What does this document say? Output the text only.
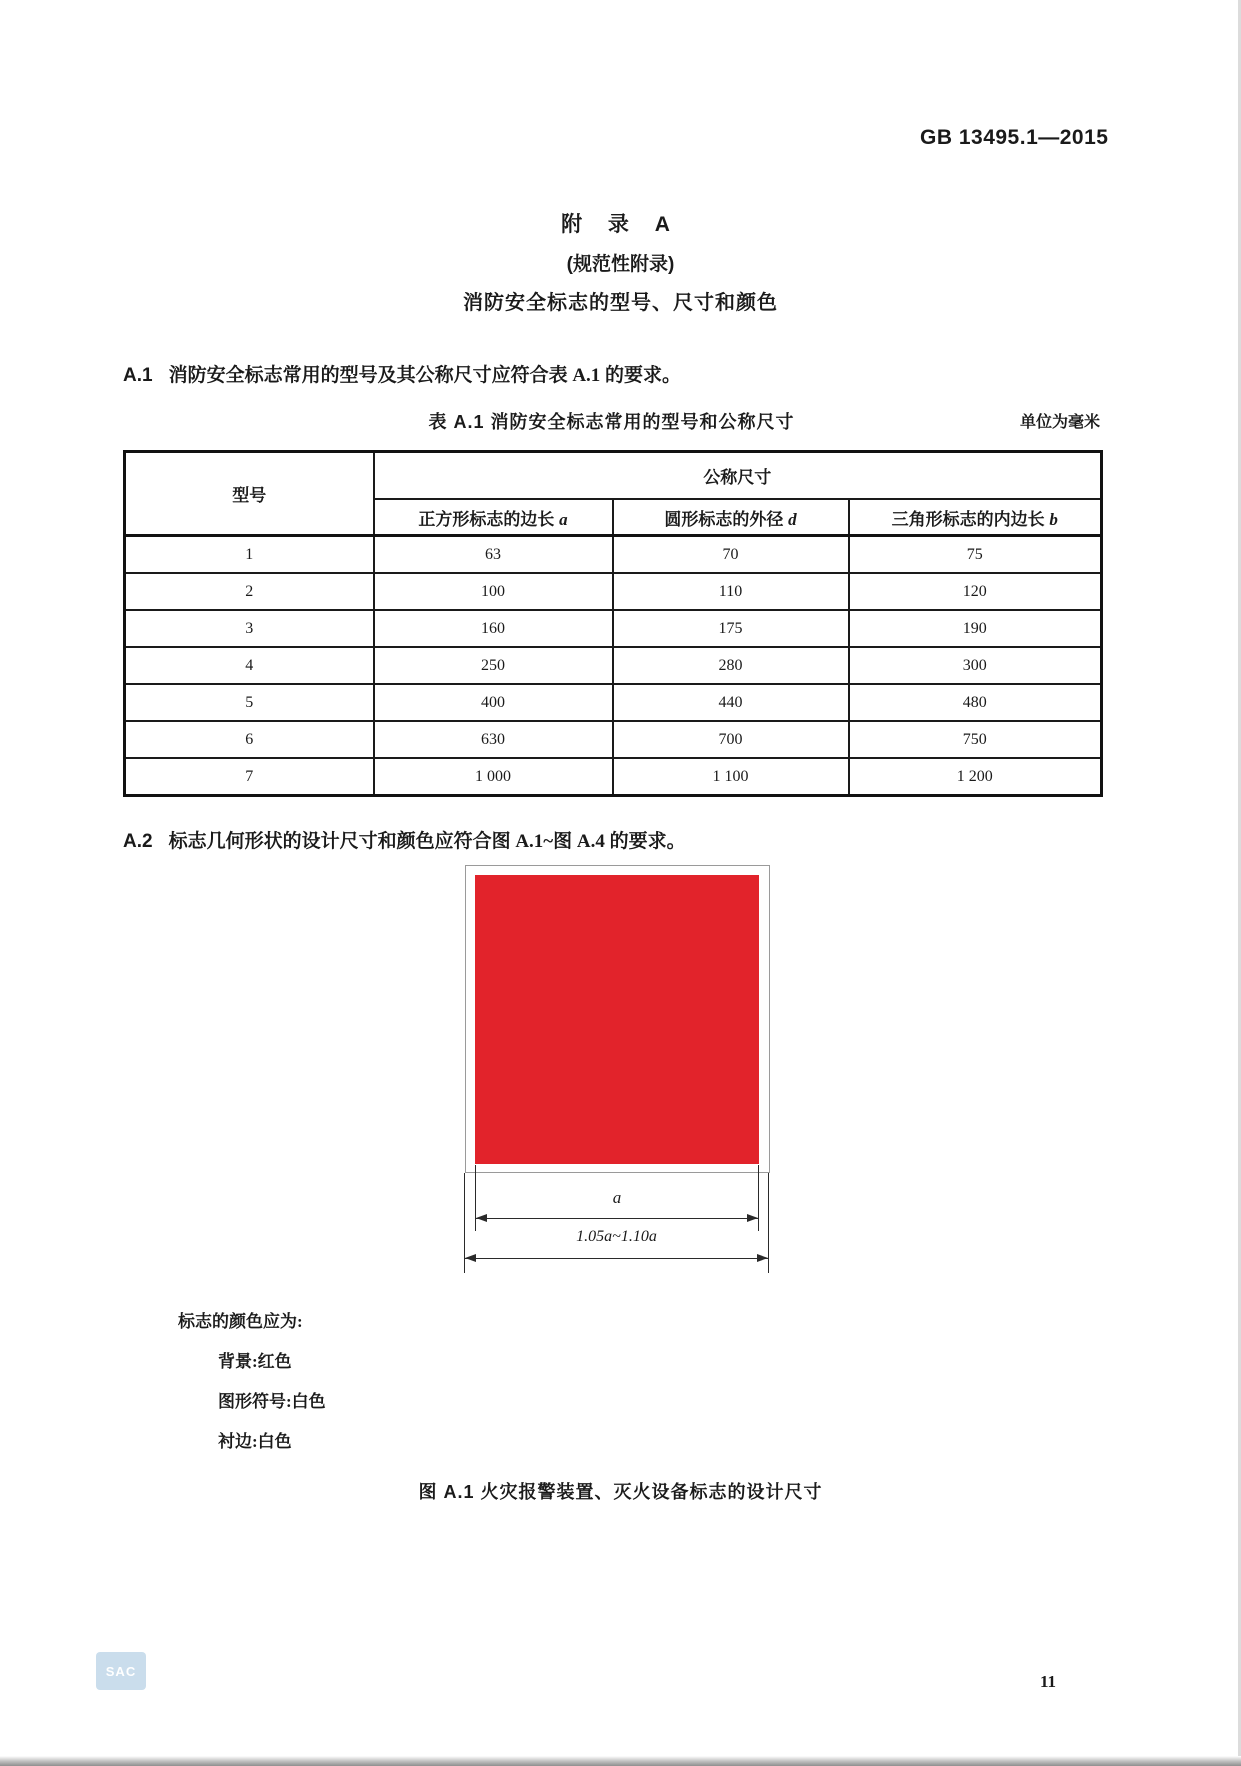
GB 13495.1—2015
附 录 A
(规范性附录)
消防安全标志的型号、尺寸和颜色
A.1 消防安全标志常用的型号及其公称尺寸应符合表 A.1 的要求。
表 A.1 消防安全标志常用的型号和公称尺寸	单位为毫米
型号	公称尺寸		
	正方形标志的边长 a	圆形标志的外径 d	三角形标志的内边长 b
1	63	70	75
2	100	110	120
3	160	175	190
4	250	280	300
5	400	440	480
6	630	700	750
7	1 000	1 100	1 200
A.2 标志几何形状的设计尺寸和颜色应符合图 A.1~图 A.4 的要求。
a
1.05a~1.10a
标志的颜色应为:
背景:红色
图形符号:白色
衬边:白色
图 A.1 火灾报警装置、灭火设备标志的设计尺寸
SAC
11
